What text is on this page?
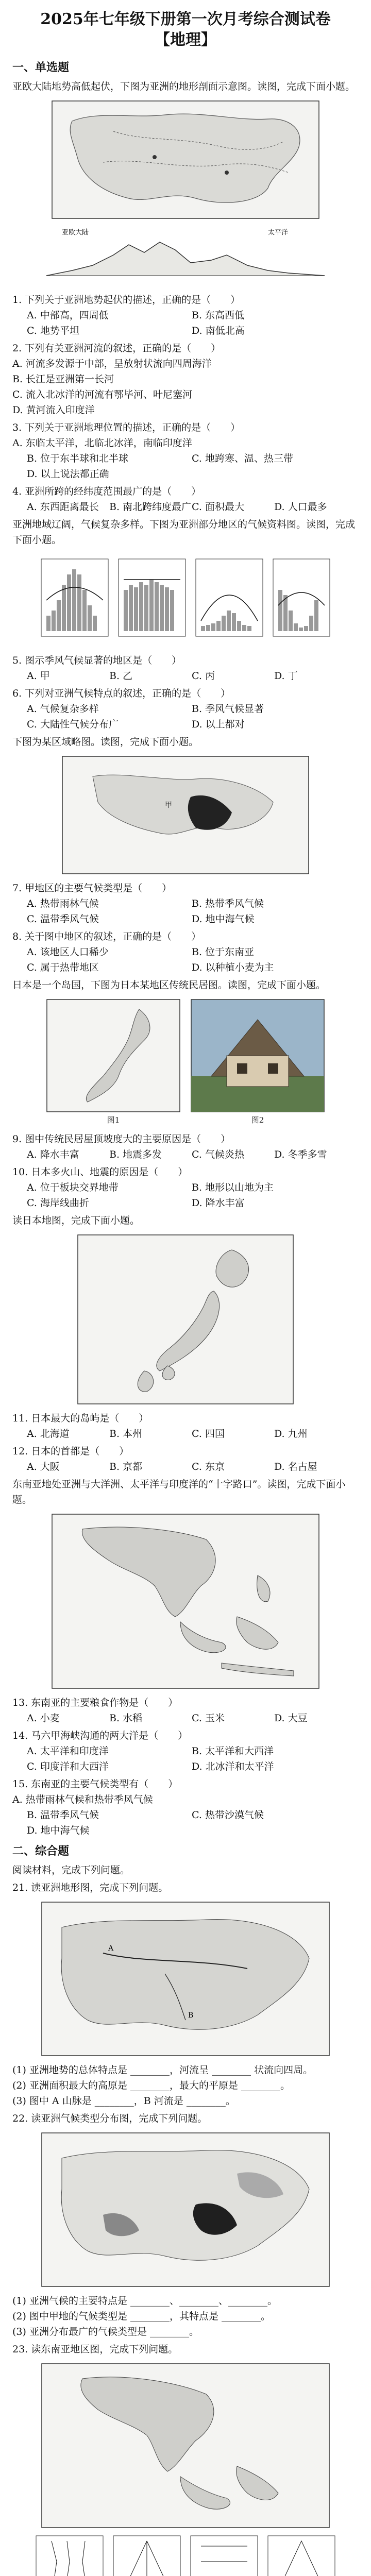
2025年七年级下册第一次月考综合测试卷
【地理】
一、单选题
亚欧大陆地势高低起伏，下图为亚洲的地形剖面示意图。读图，完成下面小题。
亚欧大陆	太平洋
1. 下列关于亚洲地势起伏的描述，正确的是（　　）
A. 中部高，四周低	B. 东高西低
C. 地势平坦	D. 南低北高
2. 下列有关亚洲河流的叙述，正确的是（　　）
A. 河流多发源于中部，呈放射状流向四周海洋
B. 长江是亚洲第一长河
C. 流入北冰洋的河流有鄂毕河、叶尼塞河
D. 黄河流入印度洋
3. 下列关于亚洲地理位置的描述，正确的是（　　）
A. 东临太平洋，北临北冰洋，南临印度洋
B. 位于东半球和北半球	C. 地跨寒、温、热三带
D. 以上说法都正确
4. 亚洲所跨的经纬度范围最广的是（　　）
A. 东西距离最长	B. 南北跨纬度最广 C. 面积最大	D. 人口最多
亚洲地域辽阔，气候复杂多样。下图为亚洲部分地区的气候资料图。读图，完成下面小题。
5. 图示季风气候显著的地区是（　　）
A. 甲	B. 乙	C. 丙	D. 丁
6. 下列对亚洲气候特点的叙述，正确的是（　　）
A. 气候复杂多样	B. 季风气候显著
C. 大陆性气候分布广	D. 以上都对
下图为某区域略图。读图，完成下面小题。
甲
7. 甲地区的主要气候类型是（　　）
A. 热带雨林气候	B. 热带季风气候
C. 温带季风气候	D. 地中海气候
8. 关于图中地区的叙述，正确的是（　　）
A. 该地区人口稀少	B. 位于东南亚
C. 属于热带地区	D. 以种植小麦为主
日本是一个岛国，下图为日本某地区传统民居图。读图，完成下面小题。
图1	图2
9. 图中传统民居屋顶坡度大的主要原因是（　　）
A. 降水丰富	B. 地震多发	C. 气候炎热	D. 冬季多雪
10. 日本多火山、地震的原因是（　　）
A. 位于板块交界地带	B. 地形以山地为主
C. 海岸线曲折	D. 降水丰富
读日本地图，完成下面小题。
11. 日本最大的岛屿是（　　）
A. 北海道	B. 本州	C. 四国	D. 九州
12. 日本的首都是（　　）
A. 大阪	B. 京都	C. 东京	D. 名古屋
东南亚地处亚洲与大洋洲、太平洋与印度洋的“十字路口”。读图，完成下面小题。
13. 东南亚的主要粮食作物是（　　）
A. 小麦	B. 水稻	C. 玉米	D. 大豆
14. 马六甲海峡沟通的两大洋是（　　）
A. 太平洋和印度洋	B. 太平洋和大西洋
C. 印度洋和大西洋	D. 北冰洋和太平洋
15. 东南亚的主要气候类型有（　　）
A. 热带雨林气候和热带季风气候
B. 温带季风气候	C. 热带沙漠气候
D. 地中海气候
二、综合题
阅读材料，完成下列问题。
21. 读亚洲地形图，完成下列问题。
A
B
(1) 亚洲地势的总体特点是 ________，河流呈 ________ 状流向四周。
(2) 亚洲面积最大的高原是 ________，最大的平原是 ________。
(3) 图中 A 山脉是 ________，B 河流是 ________。
22. 读亚洲气候类型分布图，完成下列问题。
(1) 亚洲气候的主要特点是 ________、________、________。
(2) 图中甲地的气候类型是 ________，其特点是 ________。
(3) 亚洲分布最广的气候类型是 ________。
23. 读东南亚地区图，完成下列问题。
